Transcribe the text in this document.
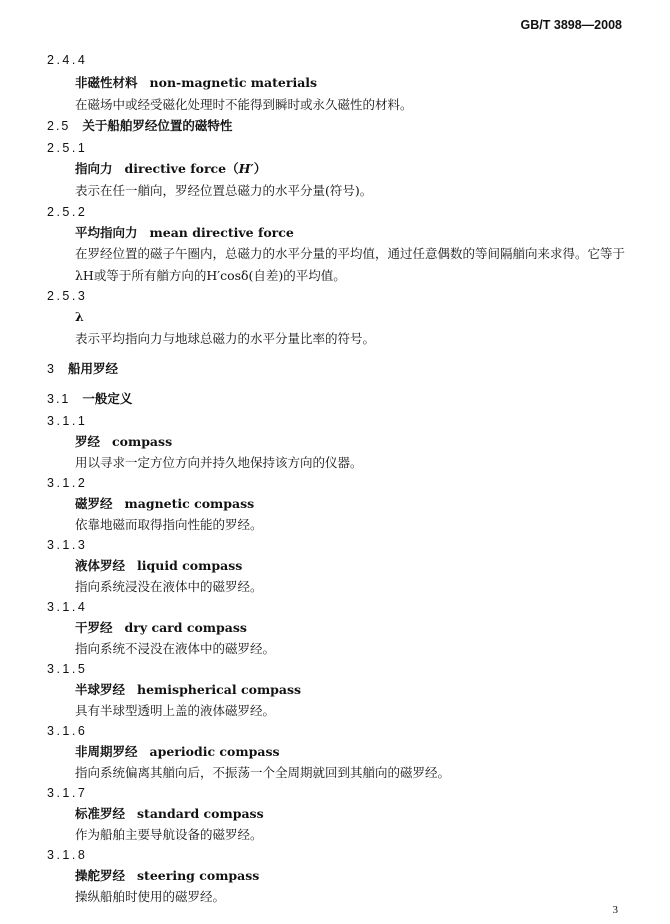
GB/T 3898—2008
2.4.4
非磁性材料 non-magnetic materials
在磁场中或经受磁化处理时不能得到瞬时或永久磁性的材料。
2.5 关于船舶罗经位置的磁特性
2.5.1
指向力 directive force（H′）
表示在任一艏向，罗经位置总磁力的水平分量(符号)。
2.5.2
平均指向力 mean directive force
在罗经位置的磁子午圈内，总磁力的水平分量的平均值，通过任意偶数的等间隔艏向来求得。它等于λH或等于所有艏方向的H′cosδ(自差)的平均值。
2.5.3
λ
表示平均指向力与地球总磁力的水平分量比率的符号。
3 船用罗经
3.1 一般定义
3.1.1
罗经 compass
用以寻求一定方位方向并持久地保持该方向的仪器。
3.1.2
磁罗经 magnetic compass
依靠地磁而取得指向性能的罗经。
3.1.3
液体罗经 liquid compass
指向系统浸没在液体中的磁罗经。
3.1.4
干罗经 dry card compass
指向系统不浸没在液体中的磁罗经。
3.1.5
半球罗经 hemispherical compass
具有半球型透明上盖的液体磁罗经。
3.1.6
非周期罗经 aperiodic compass
指向系统偏离其艏向后，不振荡一个全周期就回到其艏向的磁罗经。
3.1.7
标准罗经 standard compass
作为船舶主要导航设备的磁罗经。
3.1.8
操舵罗经 steering compass
操纵船舶时使用的磁罗经。
3
